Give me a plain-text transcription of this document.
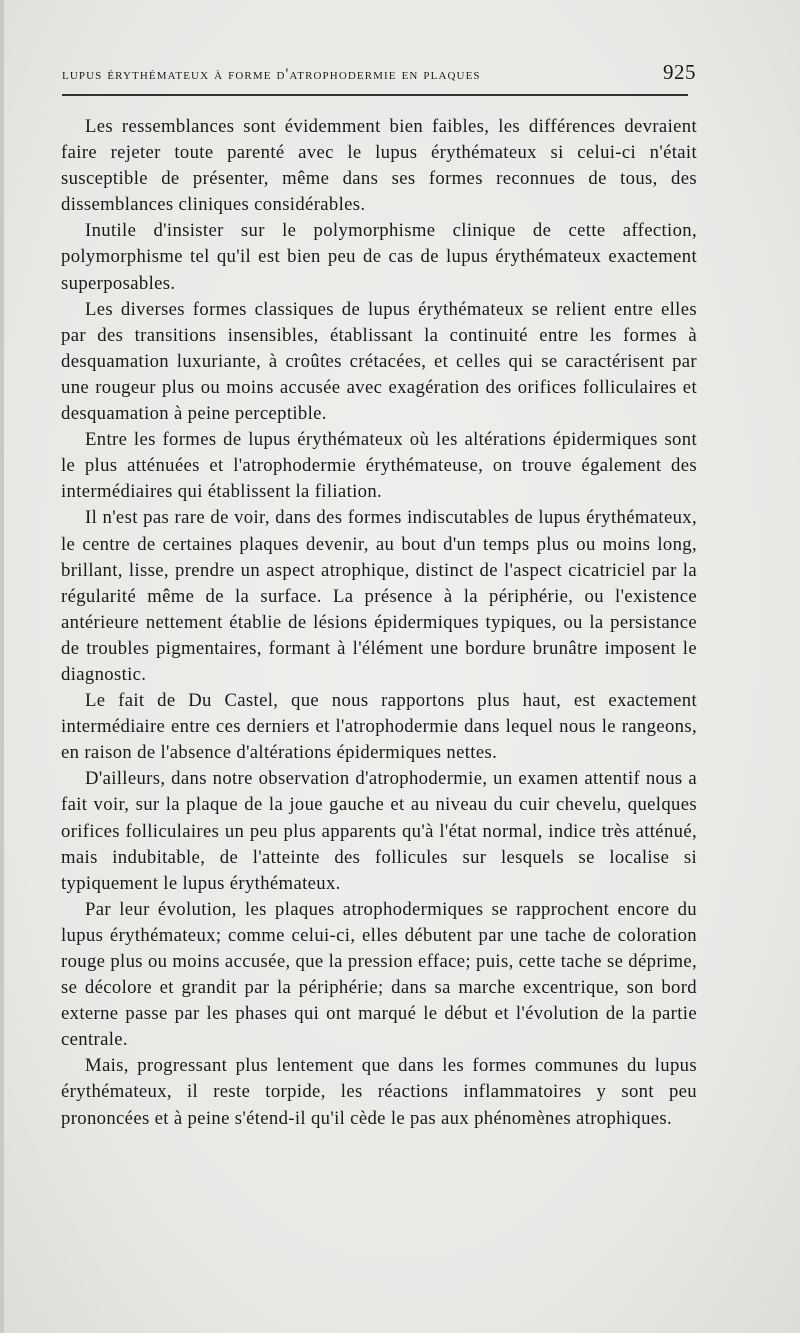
lupus érythémateux à forme d'atrophodermie en plaques	925

Les ressemblances sont évidemment bien faibles, les différences devraient faire rejeter toute parenté avec le lupus érythémateux si celui-ci n'était susceptible de présenter, même dans ses formes reconnues de tous, des dissemblances cliniques considérables.

Inutile d'insister sur le polymorphisme clinique de cette affection, polymorphisme tel qu'il est bien peu de cas de lupus érythémateux exactement superposables.

Les diverses formes classiques de lupus érythémateux se relient entre elles par des transitions insensibles, établissant la continuité entre les formes à desquamation luxuriante, à croûtes crétacées, et celles qui se caractérisent par une rougeur plus ou moins accusée avec exagération des orifices folliculaires et desquamation à peine perceptible.

Entre les formes de lupus érythémateux où les altérations épidermiques sont le plus atténuées et l'atrophodermie érythémateuse, on trouve également des intermédiaires qui établissent la filiation.

Il n'est pas rare de voir, dans des formes indiscutables de lupus érythémateux, le centre de certaines plaques devenir, au bout d'un temps plus ou moins long, brillant, lisse, prendre un aspect atrophique, distinct de l'aspect cicatriciel par la régularité même de la surface. La présence à la périphérie, ou l'existence antérieure nettement établie de lésions épidermiques typiques, ou la persistance de troubles pigmentaires, formant à l'élément une bordure brunâtre imposent le diagnostic.

Le fait de Du Castel, que nous rapportons plus haut, est exactement intermédiaire entre ces derniers et l'atrophodermie dans lequel nous le rangeons, en raison de l'absence d'altérations épidermiques nettes.

D'ailleurs, dans notre observation d'atrophodermie, un examen attentif nous a fait voir, sur la plaque de la joue gauche et au niveau du cuir chevelu, quelques orifices folliculaires un peu plus apparents qu'à l'état normal, indice très atténué, mais indubitable, de l'atteinte des follicules sur lesquels se localise si typiquement le lupus érythémateux.

Par leur évolution, les plaques atrophodermiques se rapprochent encore du lupus érythémateux; comme celui-ci, elles débutent par une tache de coloration rouge plus ou moins accusée, que la pression efface; puis, cette tache se déprime, se décolore et grandit par la périphérie; dans sa marche excentrique, son bord externe passe par les phases qui ont marqué le début et l'évolution de la partie centrale.

Mais, progressant plus lentement que dans les formes communes du lupus érythémateux, il reste torpide, les réactions inflammatoires y sont peu prononcées et à peine s'étend-il qu'il cède le pas aux phénomènes atrophiques.
